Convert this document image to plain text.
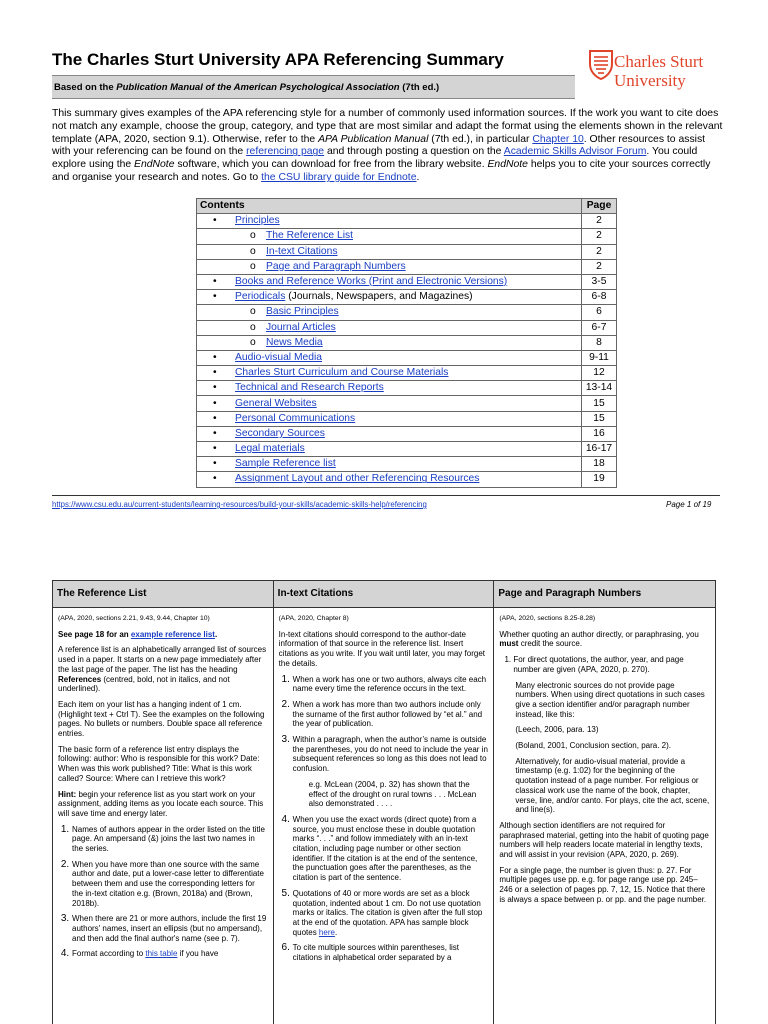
The Charles Sturt University APA Referencing Summary	Charles Sturt
University
Based on the Publication Manual of the American Psychological Association (7th ed.)

This summary gives examples of the APA referencing style for a number of commonly used information sources. If the work you want to cite does not match any example, choose the group, category, and type that are most similar and adapt the format using the elements shown in the relevant template (APA, 2020, section 9.1). Otherwise, refer to the APA Publication Manual (7th ed.), in particular Chapter 10. Other resources to assist with your referencing can be found on the referencing page and through posting a question on the Academic Skills Advisor Forum. You could explore using the EndNote software, which you can download for free from the library website. EndNote helps you to cite your sources correctly and organise your research and notes. Go to the CSU library guide for Endnote.

Contents	Page
• Principles	2
o The Reference List	2
o In-text Citations	2
o Page and Paragraph Numbers	2
• Books and Reference Works (Print and Electronic Versions)	3-5
• Periodicals (Journals, Newspapers, and Magazines)	6-8
o Basic Principles	6
o Journal Articles	6-7
o News Media	8
• Audio-visual Media	9-11
• Charles Sturt Curriculum and Course Materials	12
• Technical and Research Reports	13-14
• General Websites	15
• Personal Communications	15
• Secondary Sources	16
• Legal materials	16-17
• Sample Reference list	18
• Assignment Layout and other Referencing Resources	19
https://www.csu.edu.au/current-students/learning-resources/build-your-skills/academic-skills-help/referencing	Page 1 of 19
The Reference List

(APA, 2020, sections 2.21, 9.43, 9.44, Chapter 10)

See page 18 for an example reference list.

A reference list is an alphabetically arranged list of sources used in a paper. It starts on a new page immediately after the last page of the paper. The list has the heading References (centred, bold, not in italics, and not underlined).

Each item on your list has a hanging indent of 1 cm. (Highlight text + Ctrl T). See the examples on the following pages. No bullets or numbers. Double space all reference entries.

The basic form of a reference list entry displays the following: author: Who is responsible for this work? Date: When was this work published? Title: What is this work called? Source: Where can I retrieve this work?

Hint: begin your reference list as you start work on your assignment, adding items as you locate each source. This will save time and energy later.

1. Names of authors appear in the order listed on the title page. An ampersand (&) joins the last two names in the series.
2. When you have more than one source with the same author and date, put a lower-case letter to differentiate between them and use the corresponding letters for the in-text citation e.g. (Brown, 2018a) and (Brown, 2018b).
3. When there are 21 or more authors, include the first 19 authors' names, insert an ellipsis (but no ampersand), and then add the final author's name (see p. 7).
4. Format according to this table if you have
In-text Citations

(APA, 2020, Chapter 8)

In-text citations should correspond to the author-date information of that source in the reference list. Insert citations as you write. If you wait until later, you may forget the details.

1. When a work has one or two authors, always cite each name every time the reference occurs in the text.
2. When a work has more than two authors include only the surname of the first author followed by “et al.” and the year of publication.
3. Within a paragraph, when the author’s name is outside the parentheses, you do not need to include the year in subsequent references so long as this does not lead to confusion.
e.g. McLean (2004, p. 32) has shown that the effect of the drought on rural towns . . . McLean also demonstrated . . . .
4. When you use the exact words (direct quote) from a source, you must enclose these in double quotation marks “. . .” and follow immediately with an in-text citation, including page number or other section identifier. If the citation is at the end of the sentence, the punctuation goes after the parentheses, as the citation is part of the sentence.
5. Quotations of 40 or more words are set as a block quotation, indented about 1 cm. Do not use quotation marks or italics. The citation is given after the full stop at the end of the quotation. APA has sample block quotes here.
6. To cite multiple sources within parentheses, list citations in alphabetical order separated by a
Page and Paragraph Numbers

(APA, 2020, sections 8.25-8.28)

Whether quoting an author directly, or paraphrasing, you must credit the source.

1. For direct quotations, the author, year, and page number are given (APA, 2020, p. 270).

Many electronic sources do not provide page numbers. When using direct quotations in such cases give a section identifier and/or paragraph number instead, like this:

(Leech, 2006, para. 13)

(Boland, 2001, Conclusion section, para. 2).

Alternatively, for audio-visual material, provide a timestamp (e.g. 1:02) for the beginning of the quotation instead of a page number. For religious or classical work use the name of the book, chapter, verse, line, and/or canto. For plays, cite the act, scene, and line(s).

Although section identifiers are not required for paraphrased material, getting into the habit of quoting page numbers will help readers locate material in lengthy texts, and will assist in your revision (APA, 2020, p. 269).

For a single page, the number is given thus: p. 27. For multiple pages use pp. e.g. for page range use pp. 245–246 or a selection of pages pp. 7, 12, 15. Notice that there is always a space between p. or pp. and the page number.
